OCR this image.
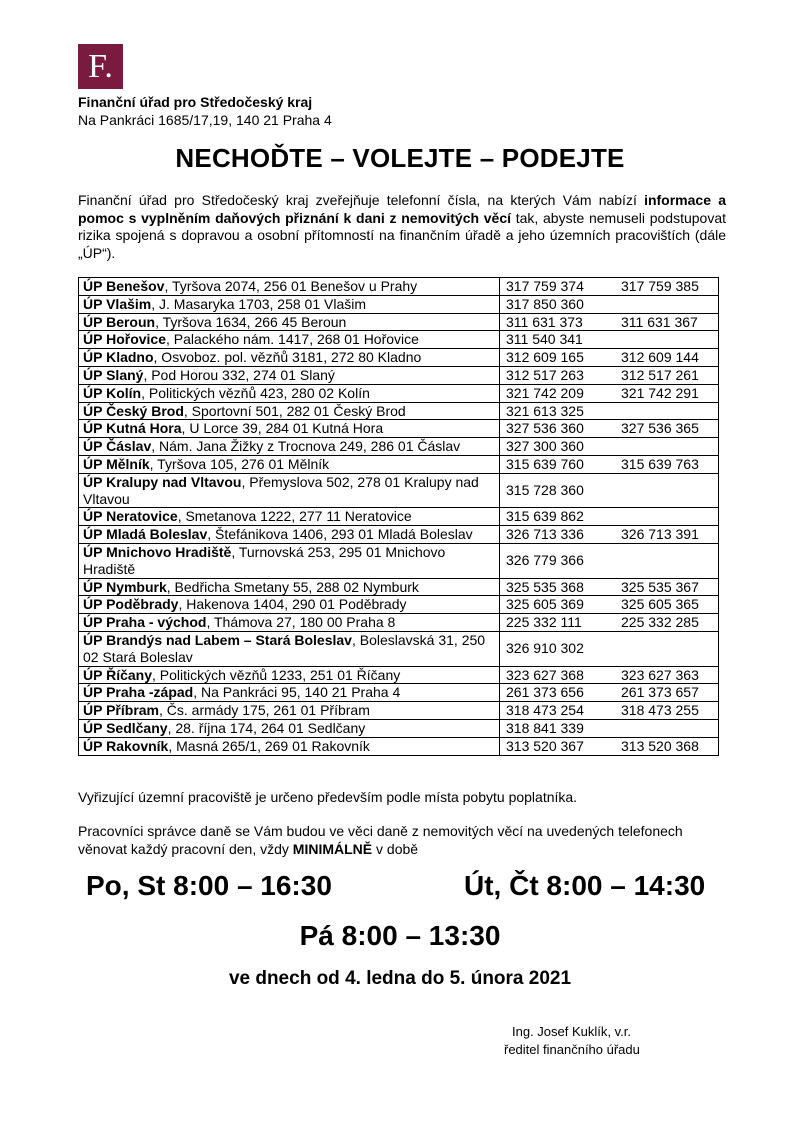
F.
Finanční úřad pro Středočeský kraj
Na Pankráci 1685/17,19, 140 21 Praha 4
NECHOĎTE – VOLEJTE – PODEJTE
Finanční úřad pro Středočeský kraj zveřejňuje telefonní čísla, na kterých Vám nabízí informace a pomoc s vyplněním daňových přiznání k dani z nemovitých věcí tak, abyste nemuseli podstupovat rizika spojená s dopravou a osobní přítomností na finančním úřadě a jeho územních pracovištích (dále „ÚP“).
ÚP Benešov, Tyršova 2074, 256 01 Benešov u Prahy	317 759 374	317 759 385
ÚP Vlašim, J. Masaryka 1703, 258 01 Vlašim	317 850 360	
ÚP Beroun, Tyršova 1634, 266 45 Beroun	311 631 373	311 631 367
ÚP Hořovice, Palackého nám. 1417, 268 01 Hořovice	311 540 341	
ÚP Kladno, Osvoboz. pol. vězňů 3181, 272 80 Kladno	312 609 165	312 609 144
ÚP Slaný, Pod Horou 332, 274 01 Slaný	312 517 263	312 517 261
ÚP Kolín, Politických vězňů 423, 280 02 Kolín	321 742 209	321 742 291
ÚP Český Brod, Sportovní 501, 282 01 Český Brod	321 613 325	
ÚP Kutná Hora, U Lorce 39, 284 01 Kutná Hora	327 536 360	327 536 365
ÚP Čáslav, Nám. Jana Žižky z Trocnova 249, 286 01 Čáslav	327 300 360	
ÚP Mělník, Tyršova 105, 276 01 Mělník	315 639 760	315 639 763
ÚP Kralupy nad Vltavou, Přemyslova 502, 278 01 Kralupy nad Vltavou	315 728 360	
ÚP Neratovice, Smetanova 1222, 277 11 Neratovice	315 639 862	
ÚP Mladá Boleslav, Štefánikova 1406, 293 01 Mladá Boleslav	326 713 336	326 713 391
ÚP Mnichovo Hradiště, Turnovská 253, 295 01 Mnichovo Hradiště	326 779 366	
ÚP Nymburk, Bedřicha Smetany 55, 288 02 Nymburk	325 535 368	325 535 367
ÚP Poděbrady, Hakenova 1404, 290 01 Poděbrady	325 605 369	325 605 365
ÚP Praha - východ, Thámova 27, 180 00 Praha 8	225 332 111	225 332 285
ÚP Brandýs nad Labem – Stará Boleslav, Boleslavská 31, 250 02 Stará Boleslav	326 910 302	
ÚP Říčany, Politických vězňů 1233, 251 01 Říčany	323 627 368	323 627 363
ÚP Praha -západ, Na Pankráci 95, 140 21 Praha 4	261 373 656	261 373 657
ÚP Příbram, Čs. armády 175, 261 01 Příbram	318 473 254	318 473 255
ÚP Sedlčany, 28. října 174, 264 01 Sedlčany	318 841 339	
ÚP Rakovník, Masná 265/1, 269 01 Rakovník	313 520 367	313 520 368
Vyřizující územní pracoviště je určeno především podle místa pobytu poplatníka.
Pracovníci správce daně se Vám budou ve věci daně z nemovitých věcí na uvedených telefonech věnovat každý pracovní den, vždy MINIMÁLNĚ v době
Po, St 8:00 – 16:30	Út, Čt 8:00 – 14:30
Pá 8:00 – 13:30
ve dnech od 4. ledna do 5. února 2021
Ing. Josef Kuklík, v.r.
ředitel finančního úřadu
